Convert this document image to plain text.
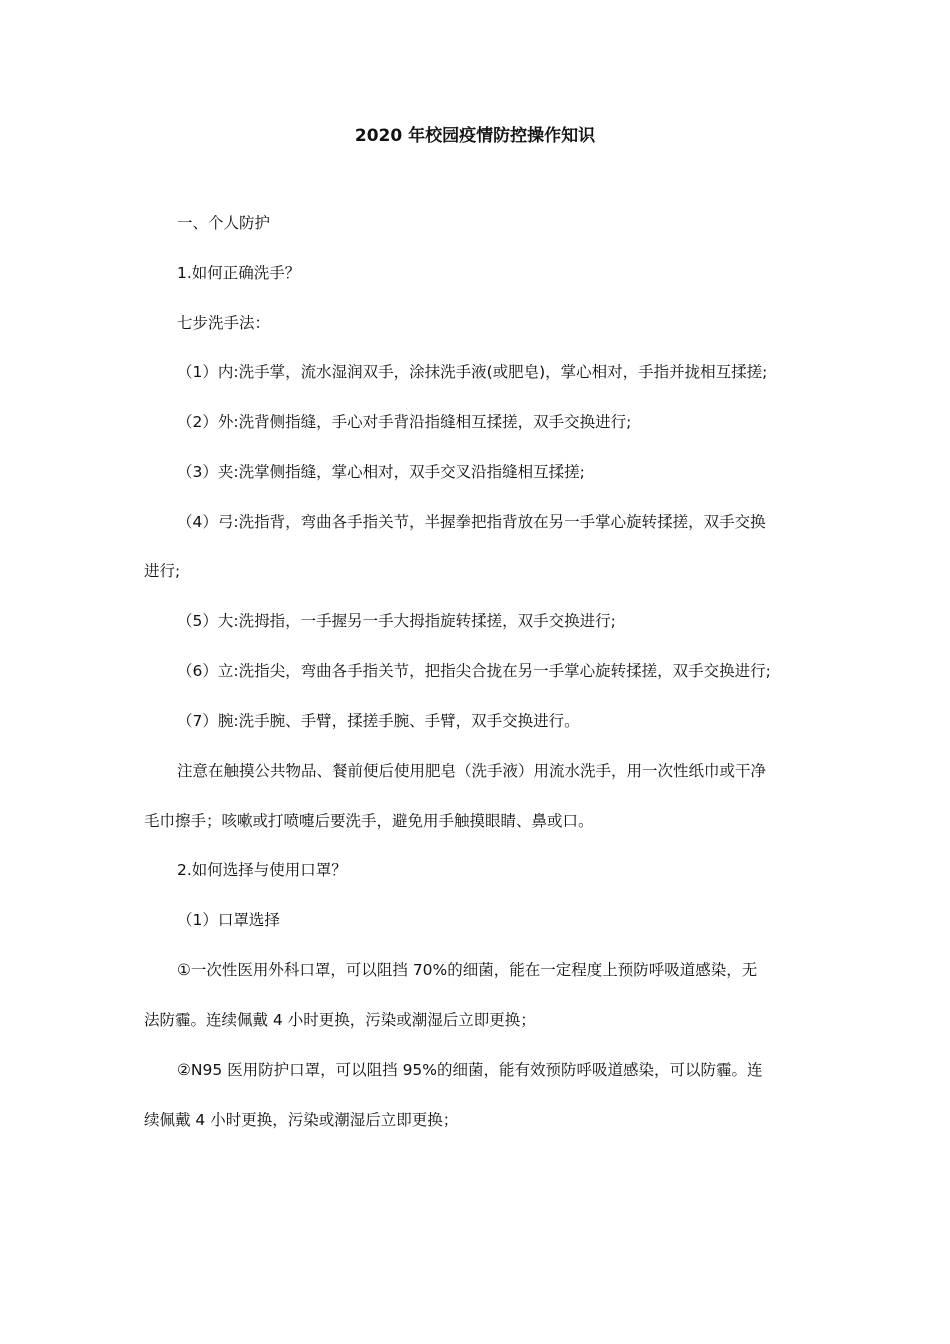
2020 年校园疫情防控操作知识

一、个人防护

1.如何正确洗手？

七步洗手法：

（1）内:洗手掌，流水湿润双手，涂抹洗手液(或肥皂)，掌心相对，手指并拢相互揉搓;

（2）外:洗背侧指缝，手心对手背沿指缝相互揉搓，双手交换进行;

（3）夹:洗掌侧指缝，掌心相对，双手交叉沿指缝相互揉搓;

（4）弓:洗指背，弯曲各手指关节，半握拳把指背放在另一手掌心旋转揉搓，双手交换

进行;

（5）大:洗拇指，一手握另一手大拇指旋转揉搓，双手交换进行;

（6）立:洗指尖，弯曲各手指关节，把指尖合拢在另一手掌心旋转揉搓，双手交换进行;

（7）腕:洗手腕、手臂，揉搓手腕、手臂，双手交换进行。

注意在触摸公共物品、餐前便后使用肥皂（洗手液）用流水洗手，用一次性纸巾或干净

毛巾擦手；咳嗽或打喷嚏后要洗手，避免用手触摸眼睛、鼻或口。

2.如何选择与使用口罩？

（1）口罩选择

①一次性医用外科口罩，可以阻挡 70%的细菌，能在一定程度上预防呼吸道感染，无

法防霾。连续佩戴 4 小时更换，污染或潮湿后立即更换；

②N95 医用防护口罩，可以阻挡 95%的细菌，能有效预防呼吸道感染，可以防霾。连

续佩戴 4 小时更换，污染或潮湿后立即更换；
